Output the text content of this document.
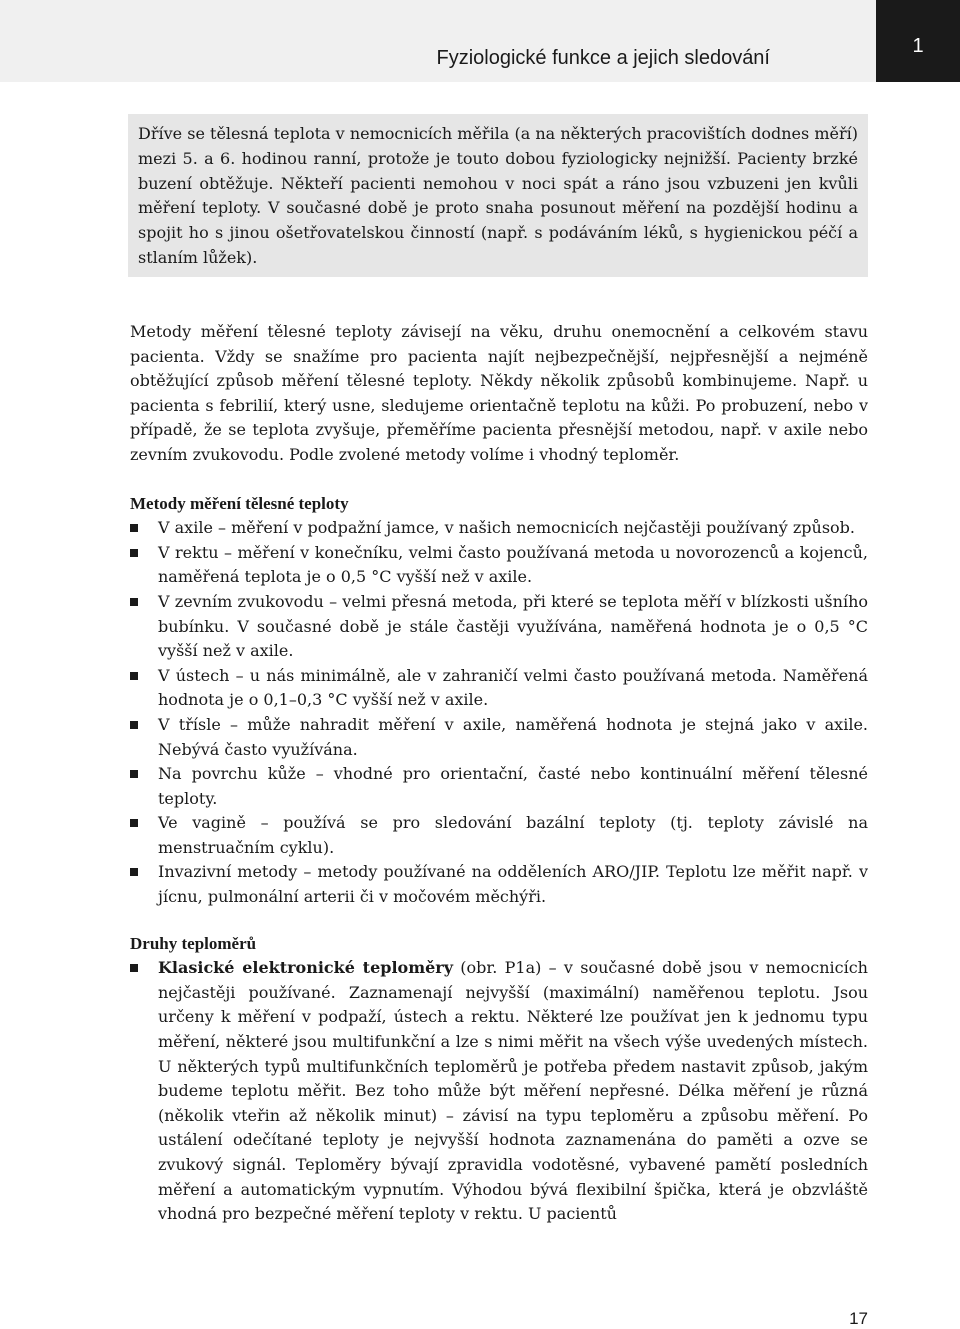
Fyziologické funkce a jejich sledování
1
Dříve se tělesná teplota v nemocnicích měřila (a na některých pracovištích dodnes měří) mezi 5. a 6. hodinou ranní, protože je touto dobou fyziologicky nejnižší. Pacienty brzké buzení obtěžuje. Někteří pacienti nemohou v noci spát a ráno jsou vzbuzeni jen kvůli měření teploty. V současné době je proto snaha posunout měření na pozdější hodinu a spojit ho s jinou ošetřovatelskou činností (např. s podáváním léků, s hygienickou péčí a stlaním lůžek).

Metody měření tělesné teploty závisejí na věku, druhu onemocnění a celkovém stavu pacienta. Vždy se snažíme pro pacienta najít nejbezpečnější, nejpřesnější a nejméně obtěžující způsob měření tělesné teploty. Někdy několik způsobů kombinujeme. Např. u pacienta s febrilií, který usne, sledujeme orientačně teplotu na kůži. Po probuzení, nebo v případě, že se teplota zvyšuje, přeměříme pacienta přesnější metodou, např. v axile nebo zevním zvukovodu. Podle zvolené metody volíme i vhodný teploměr.

Metody měření tělesné teploty
V axile – měření v podpažní jamce, v našich nemocnicích nejčastěji používaný způsob.
V rektu – měření v konečníku, velmi často používaná metoda u novorozenců a kojenců, naměřená teplota je o 0,5 °C vyšší než v axile.
V zevním zvukovodu – velmi přesná metoda, při které se teplota měří v blízkosti ušního bubínku. V současné době je stále častěji využívána, naměřená hodnota je o 0,5 °C vyšší než v axile.
V ústech – u nás minimálně, ale v zahraničí velmi často používaná metoda. Naměřená hodnota je o 0,1–0,3 °C vyšší než v axile.
V třísle – může nahradit měření v axile, naměřená hodnota je stejná jako v axile. Nebývá často využívána.
Na povrchu kůže – vhodné pro orientační, časté nebo kontinuální měření tělesné teploty.
Ve vagině – používá se pro sledování bazální teploty (tj. teploty závislé na menstruačním cyklu).
Invazivní metody – metody používané na odděleních ARO/JIP. Teplotu lze měřit např. v jícnu, pulmonální arterii či v močovém měchýři.
Druhy teploměrů
Klasické elektronické teploměry (obr. P1a) – v současné době jsou v nemocnicích nejčastěji používané. Zaznamenají nejvyšší (maximální) naměřenou teplotu. Jsou určeny k měření v podpaží, ústech a rektu. Některé lze používat jen k jednomu typu měření, některé jsou multifunkční a lze s nimi měřit na všech výše uvedených místech. U některých typů multifunkčních teploměrů je potřeba předem nastavit způsob, jakým budeme teplotu měřit. Bez toho může být měření nepřesné. Délka měření je různá (několik vteřin až několik minut) – závisí na typu teploměru a způsobu měření. Po ustálení odečítané teploty je nejvyšší hodnota zaznamenána do paměti a ozve se zvukový signál. Teploměry bývají zpravidla vodotěsné, vybavené pamětí posledních měření a automatickým vypnutím. Výhodou bývá flexibilní špička, která je obzvláště vhodná pro bezpečné měření teploty v rektu. U pacientů
17
